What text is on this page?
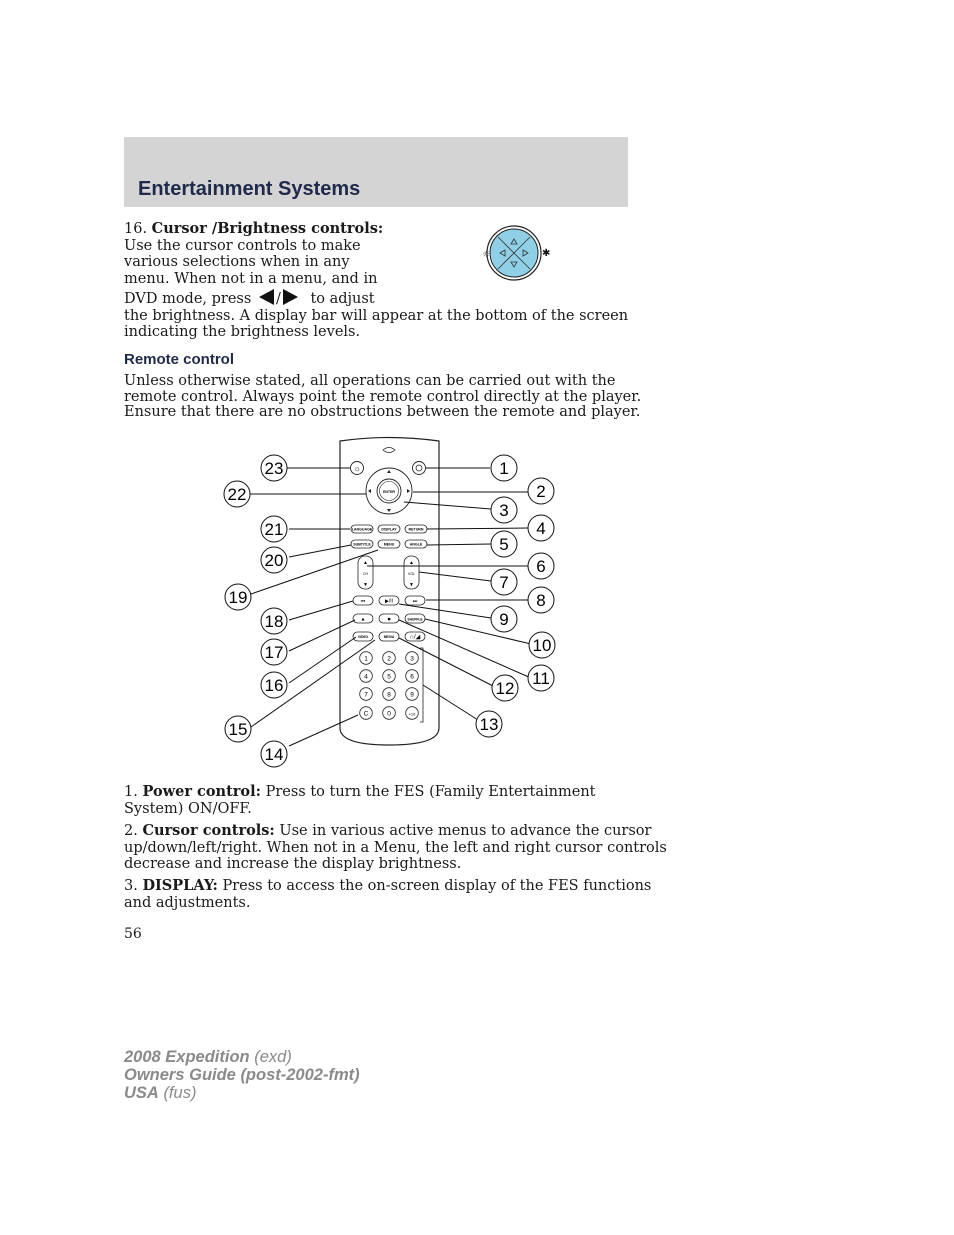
Entertainment Systems
16. Cursor /Brightness controls:
Use the cursor controls to make
various selections when in any
menu. When not in a menu, and in
DVD mode, press / to adjust
the brightness. A display bar will appear at the bottom of the screen
indicating the brightness levels.
☼	✱
Remote control
Unless otherwise stated, all operations can be carried out with the
remote control. Always point the remote control directly at the player.
Ensure that there are no obstructions between the remote and player.
☼
ENTER
LANGUAGE	DISPLAY	RETURN
SUBTITLE	MENU	ANGLE
▲
CH
▼
▲
VOL
▼
⏮	▶/II	⏭
▲	■	SHUFFLE
VIDEO	MEDIA	∩/◢
1	2	3
4	5	6
7	8	9
C	0	+10
1
2
3
4
5
6
7
8
9
10
11
12
13
14
15
16
17
18
19
20
21
22
23
1. Power control: Press to turn the FES (Family Entertainment
System) ON/OFF.
2. Cursor controls: Use in various active menus to advance the cursor
up/down/left/right. When not in a Menu, the left and right cursor controls
decrease and increase the display brightness.
3. DISPLAY: Press to access the on-screen display of the FES functions
and adjustments.
56
2008 Expedition (exd)
Owners Guide (post-2002-fmt)
USA (fus)
